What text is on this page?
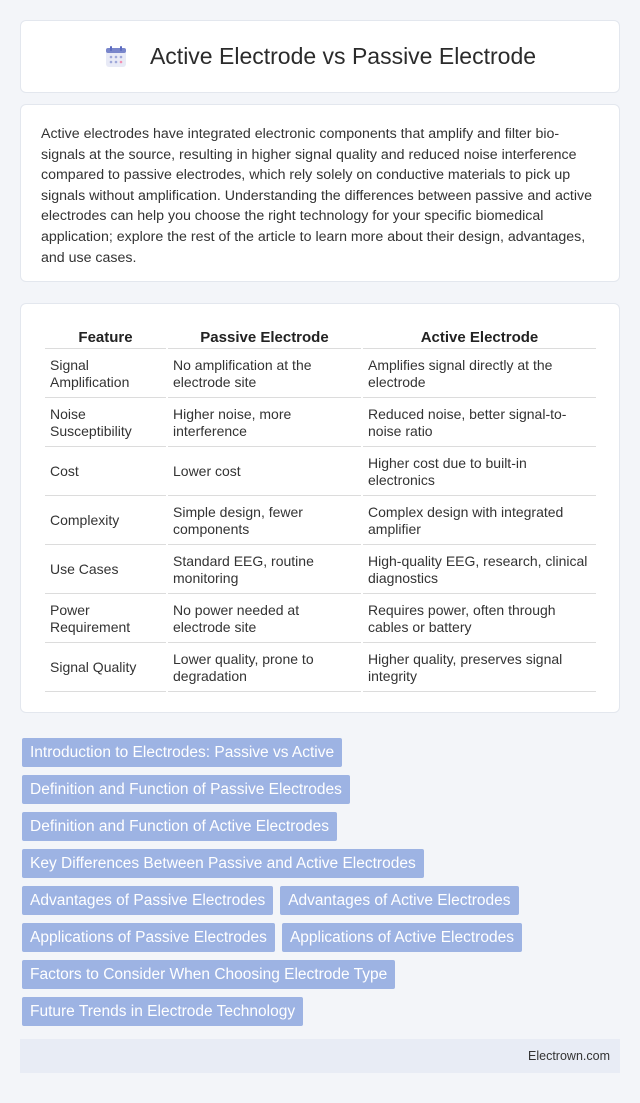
Active Electrode vs Passive Electrode

Active electrodes have integrated electronic components that amplify and filter bio-signals at the source, resulting in higher signal quality and reduced noise interference compared to passive electrodes, which rely solely on conductive materials to pick up signals without amplification. Understanding the differences between passive and active electrodes can help you choose the right technology for your specific biomedical application; explore the rest of the article to learn more about their design, advantages, and use cases.

Feature	Passive Electrode	Active Electrode
Signal Amplification	No amplification at the electrode site	Amplifies signal directly at the electrode
Noise Susceptibility	Higher noise, more interference	Reduced noise, better signal-to-noise ratio
Cost	Lower cost	Higher cost due to built-in electronics
Complexity	Simple design, fewer components	Complex design with integrated amplifier
Use Cases	Standard EEG, routine monitoring	High-quality EEG, research, clinical diagnostics
Power Requirement	No power needed at electrode site	Requires power, often through cables or battery
Signal Quality	Lower quality, prone to degradation	Higher quality, preserves signal integrity
Introduction to Electrodes: Passive vs Active
Definition and Function of Passive Electrodes
Definition and Function of Active Electrodes
Key Differences Between Passive and Active Electrodes
Advantages of Passive Electrodes	Advantages of Active Electrodes
Applications of Passive Electrodes	Applications of Active Electrodes
Factors to Consider When Choosing Electrode Type
Future Trends in Electrode Technology
Electrown.com
